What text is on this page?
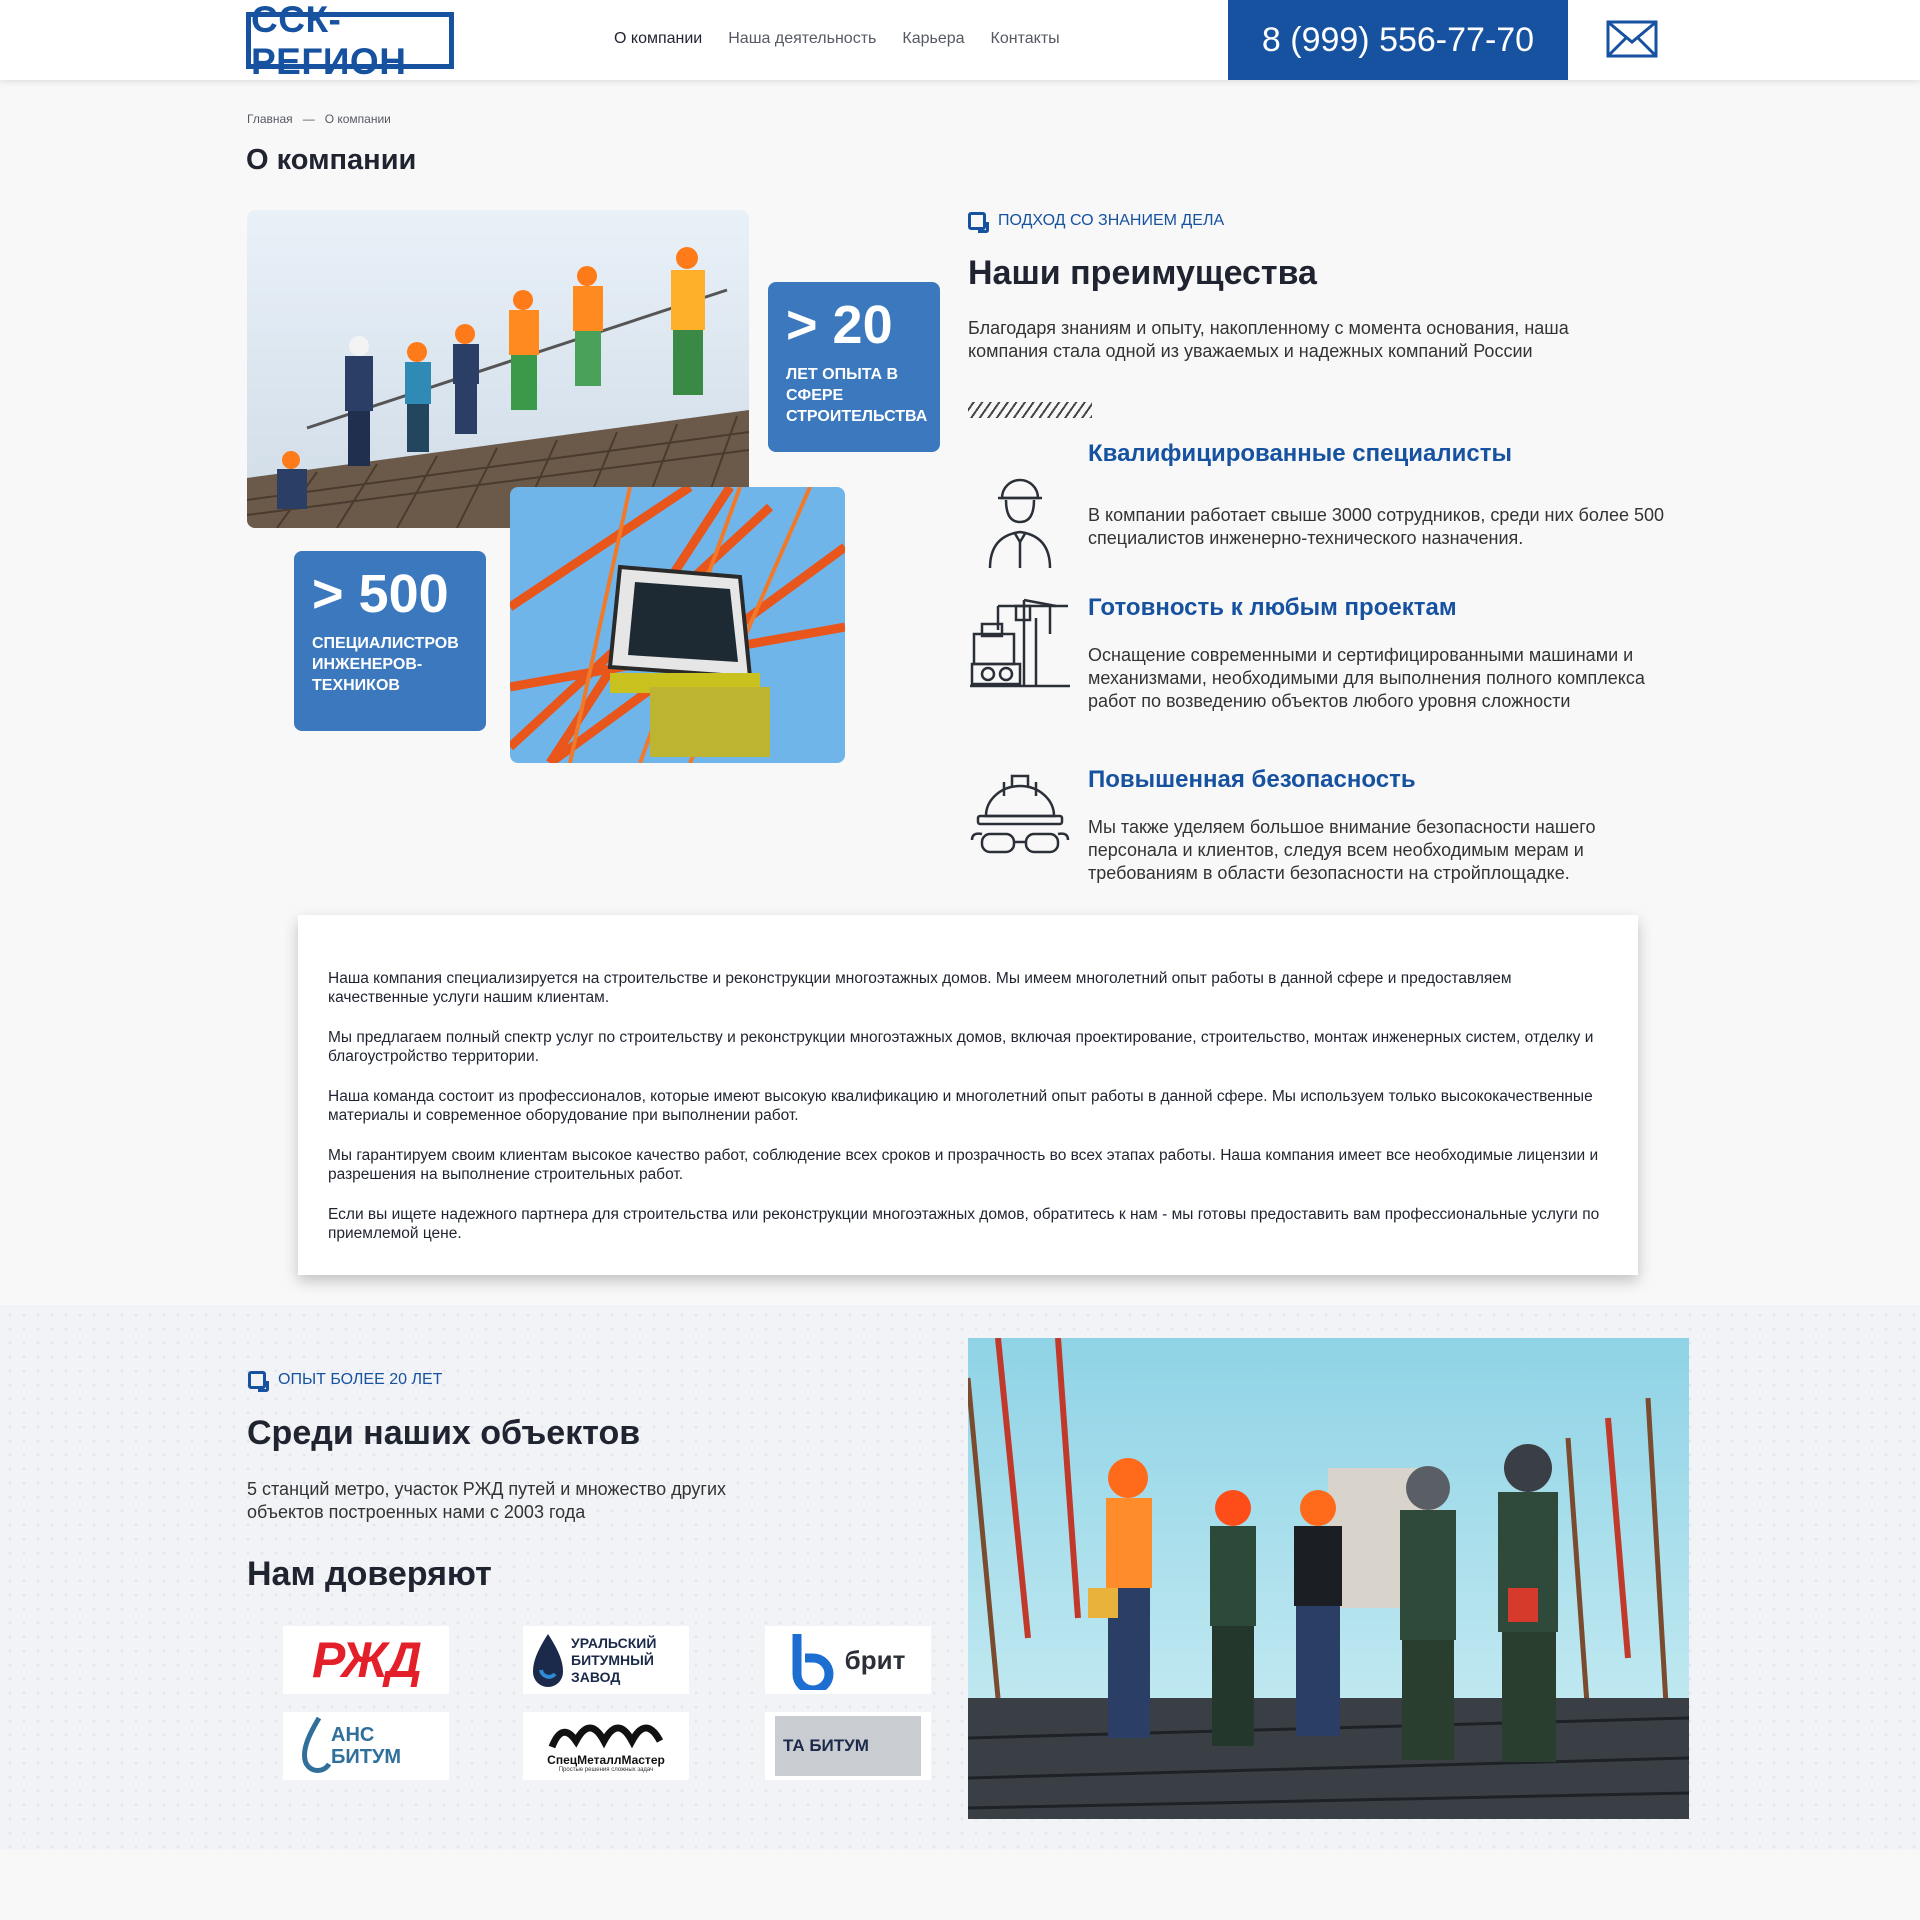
ССК-РЕГИОН
О компании Наша деятельность Карьера Контакты	8 (999) 556-77-70
Главная — О компании
О компании
> 20
ЛЕТ ОПЫТА В СФЕРЕ СТРОИТЕЛЬСТВА
> 500
СПЕЦИАЛИСТРОВ ИНЖЕНЕРОВ-ТЕХНИКОВ
ПОДХОД СО ЗНАНИЕМ ДЕЛА
Наши преимущества

Благодаря знаниям и опыту, накопленному с момента основания, наша компания стала одной из уважаемых и надежных компаний России

Квалифицированные специалисты
В компании работает свыше 3000 сотрудников, среди них более 500 специалистов инженерно-технического назначения.
Готовность к любым проектам
Оснащение современными и сертифицированными машинами и механизмами, необходимыми для выполнения полного комплекса работ по возведению объектов любого уровня сложности
Повышенная безопасность
Мы также уделяем большое внимание безопасности нашего персонала и клиентов, следуя всем необходимым мерам и требованиям в области безопасности на стройплощадке.

Наша компания специализируется на строительстве и реконструкции многоэтажных домов. Мы имеем многолетний опыт работы в данной сфере и предоставляем качественные услуги нашим клиентам.

Мы предлагаем полный спектр услуг по строительству и реконструкции многоэтажных домов, включая проектирование, строительство, монтаж инженерных систем, отделку и благоустройство территории.

Наша команда состоит из профессионалов, которые имеют высокую квалификацию и многолетний опыт работы в данной сфере. Мы используем только высококачественные материалы и современное оборудование при выполнении работ.

Мы гарантируем своим клиентам высокое качество работ, соблюдение всех сроков и прозрачность во всех этапах работы. Наша компания имеет все необходимые лицензии и разрешения на выполнение строительных работ.

Если вы ищете надежного партнера для строительства или реконструкции многоэтажных домов, обратитесь к нам - мы готовы предоставить вам профессиональные услуги по приемлемой цене.

ОПЫТ БОЛЕЕ 20 ЛЕТ
Среди наших объектов

5 станций метро, участок РЖД путей и множество других объектов построенных нами с 2003 года

Нам доверяют
РЖД	УРАЛЬСКИЙ БИТУМНЫЙ ЗАВОД
брит
АНС БИТУМ	СпецМеталлМастер
Простые решения сложных задач
ТА БИТУМ
